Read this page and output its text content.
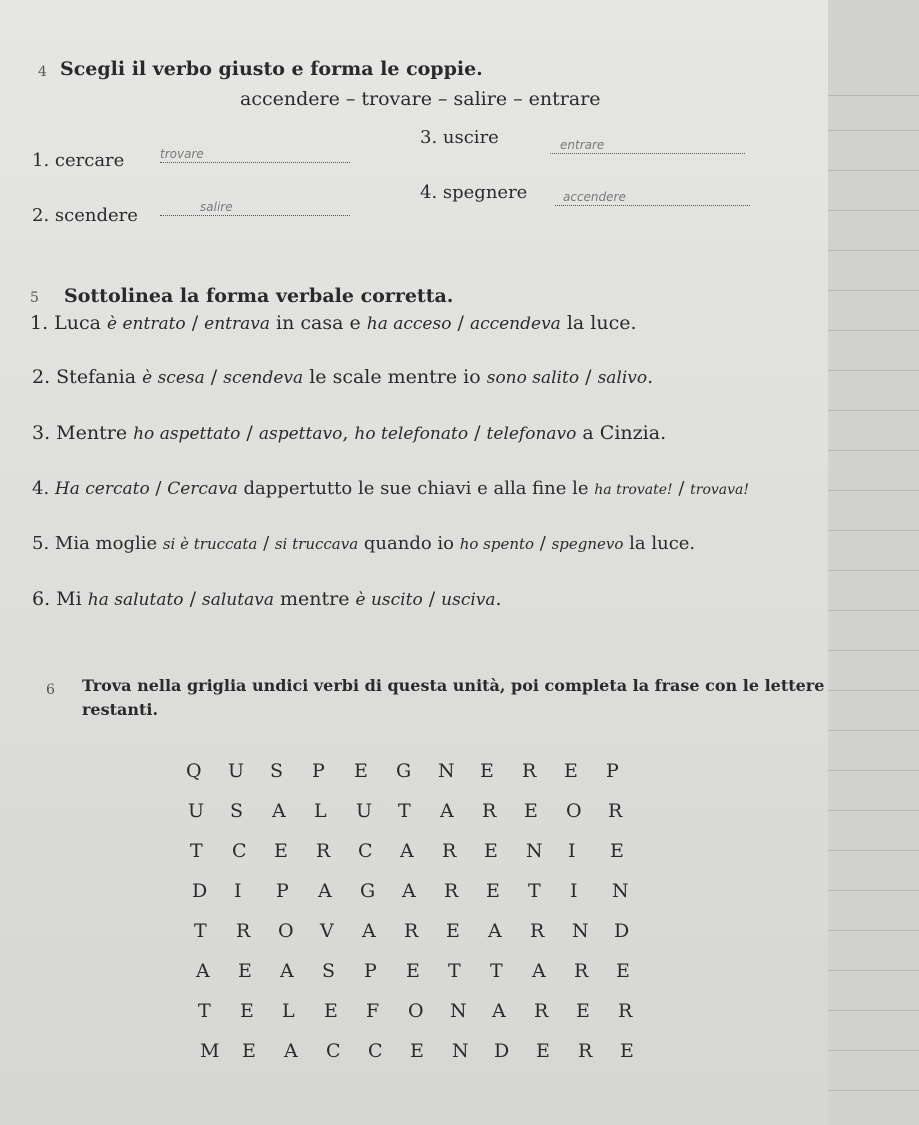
4 Scegli il verbo giusto e forma le coppie.
accendere – trovare – salire – entrare
1. cercare	trovare
2. scendere	salire
3. uscire	entrare
4. spegnere	accendere
5 Sottolinea la forma verbale corretta.
1. Luca è entrato / entrava in casa e ha acceso / accendeva la luce.
2. Stefania è scesa / scendeva le scale mentre io sono salito / salivo.
3. Mentre ho aspettato / aspettavo, ho telefonato / telefonavo a Cinzia.
4. Ha cercato / Cercava dappertutto le sue chiavi e alla fine le ha trovate! / trovava!
5. Mia moglie si è truccata / si truccava quando io ho spento / spegnevo la luce.
6. Mi ha salutato / salutava mentre è uscito / usciva.
6 Trova nella griglia undici verbi di questa unità, poi completa la frase con le lettere
restanti.
Q	U	S	P	E	G	N	E	R	E	P
U	S	A	L	U	T	A	R	E	O	R
T	C	E	R	C	A	R	E	N	I	E
D	I	P	A	G	A	R	E	T	I	N
T	R	O	V	A	R	E	A	R	N	D
A	E	A	S	P	E	T	T	A	R	E
T	E	L	E	F	O	N	A	R	E	R
M	E	A	C	C	E	N	D	E	R	E
